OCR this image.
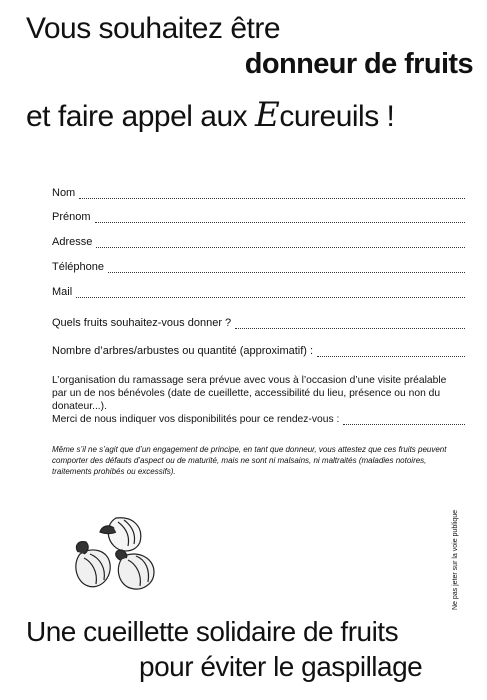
Vous souhaitez être
donneur de fruits
et faire appel aux Ecureuils !
Nom
Prénom
Adresse
Téléphone
Mail
Quels fruits souhaitez-vous donner ?
Nombre d’arbres/arbustes ou quantité (approximatif) :
L’organisation du ramassage sera prévue avec vous à l’occasion d’une visite préalable par un de nos bénévoles (date de cueillette, accessibilité du lieu, présence ou non du donateur...).
Merci de nous indiquer vos disponibilités pour ce rendez-vous :
Même s’il ne s’agit que d’un engagement de principe, en tant que donneur, vous attestez que ces fruits peuvent comporter des défauts d’aspect ou de maturité, mais ne sont ni malsains, ni maltraités (maladies notoires, traitements prohibés ou excessifs).
Ne pas jeter sur la voie publique
Une cueillette solidaire de fruits
pour éviter le gaspillage
